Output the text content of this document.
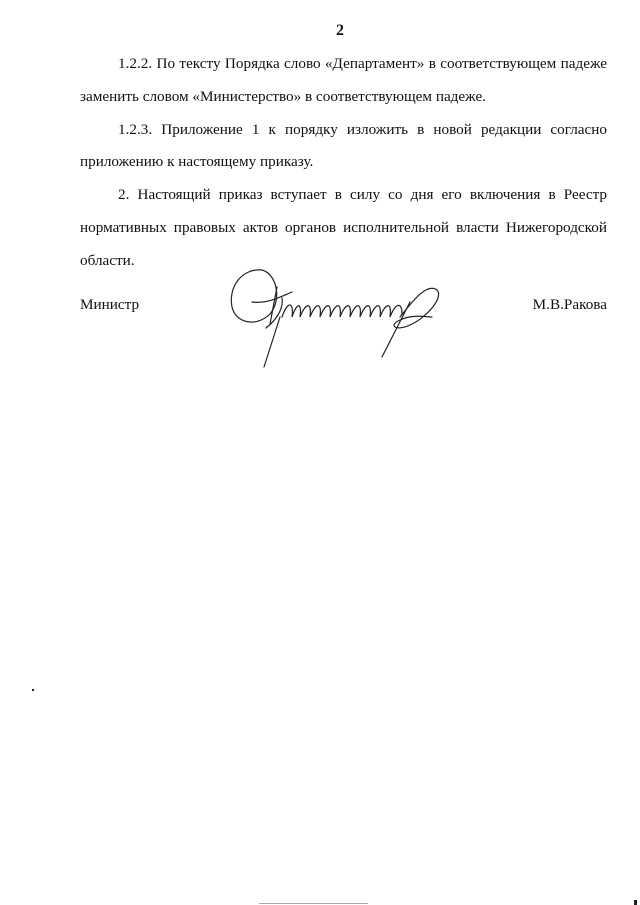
2
1.2.2. По тексту Порядка слово «Департамент» в соответствующем падеже
заменить словом «Министерство» в соответствующем падеже.
1.2.3. Приложение 1 к порядку изложить в новой редакции согласно
приложению к настоящему приказу.
2. Настоящий приказ вступает в силу со дня его включения в Реестр
нормативных правовых актов органов исполнительной власти Нижегородской
области.
Министр	М.В.Ракова
